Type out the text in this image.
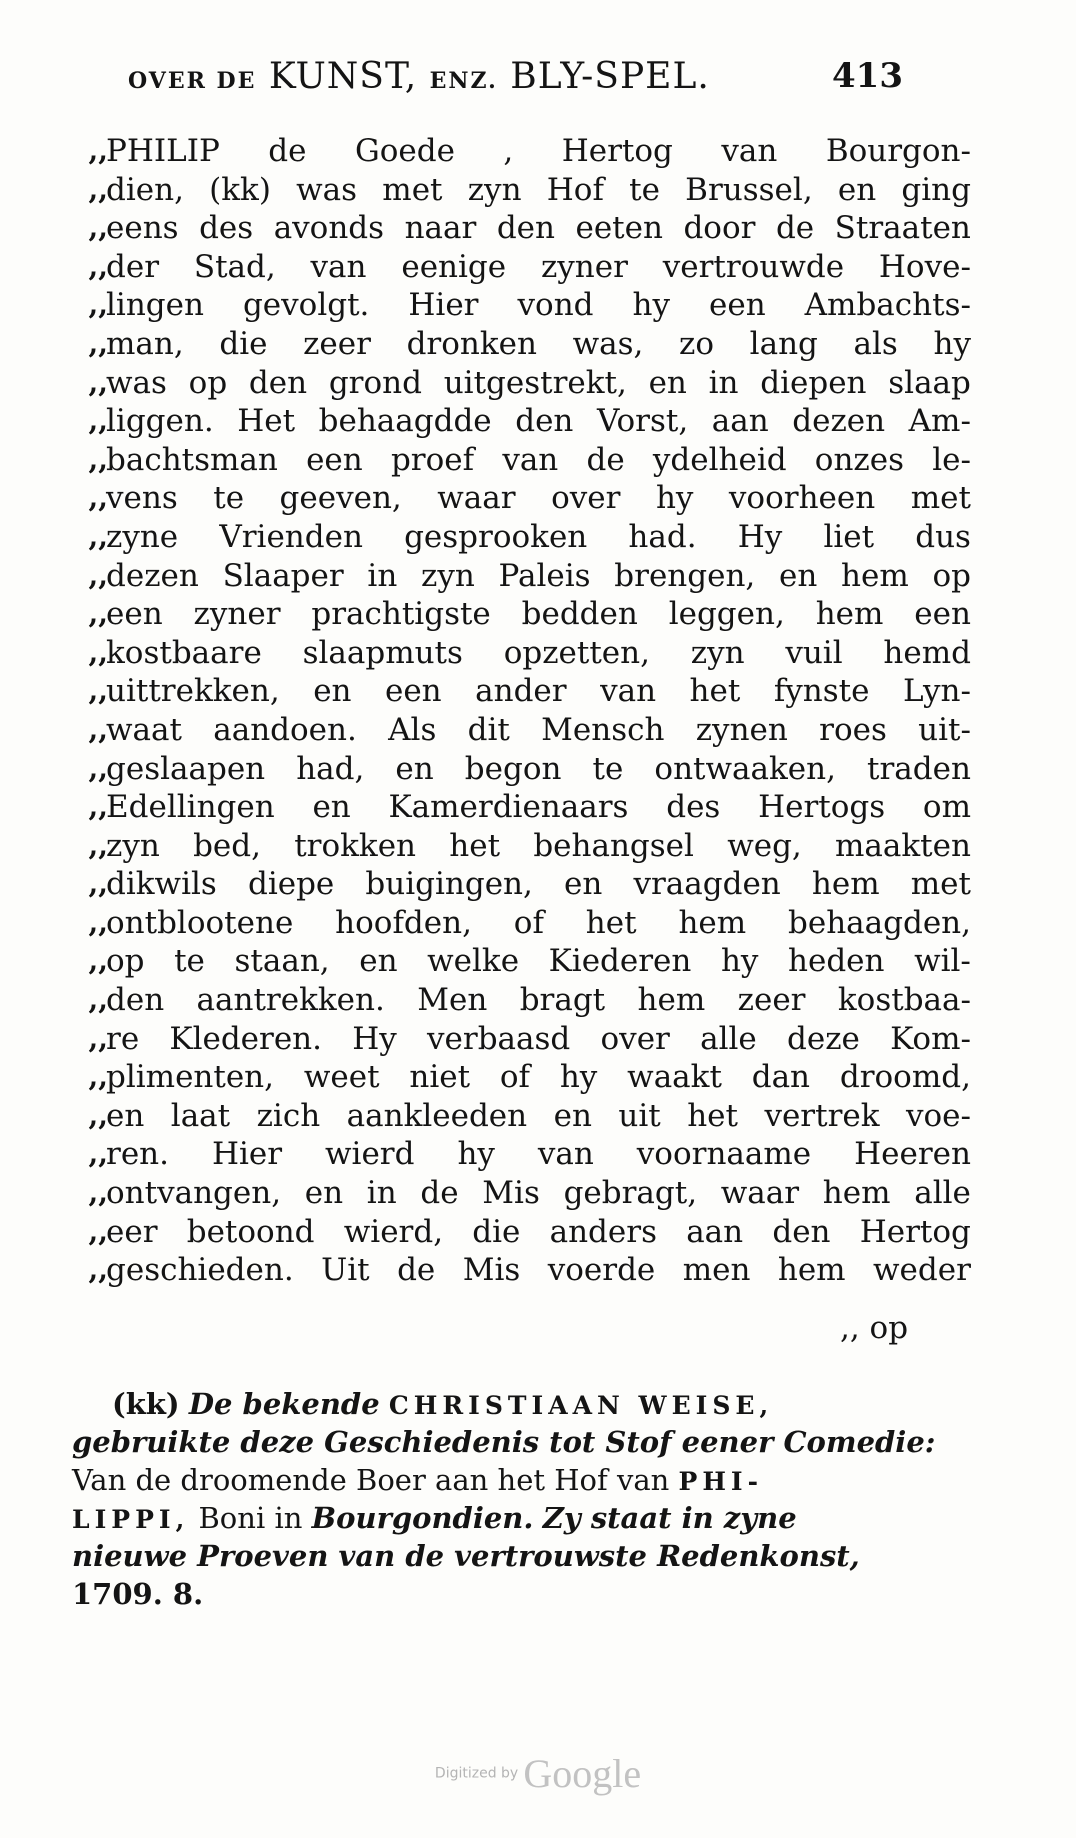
OVER DE KUNST, ENZ. BLY-SPEL.	413
,,
PHILIP de Goede , Hertog van Bourgon-
,,
dien, (kk) was met zyn Hof te Brussel, en ging
,,
eens des avonds naar den eeten door de Straaten
,,
der Stad, van eenige zyner vertrouwde Hove-
,,
lingen gevolgt. Hier vond hy een Ambachts-
,,
man, die zeer dronken was, zo lang als hy
,,
was op den grond uitgestrekt, en in diepen slaap
,,
liggen. Het behaagdde den Vorst, aan dezen Am-
,,
bachtsman een proef van de ydelheid onzes le-
,,
vens te geeven, waar over hy voorheen met
,,
zyne Vrienden gesprooken had. Hy liet dus
,,
dezen Slaaper in zyn Paleis brengen, en hem op
,,
een zyner prachtigste bedden leggen, hem een
,,
kostbaare slaapmuts opzetten, zyn vuil hemd
,,
uittrekken, en een ander van het fynste Lyn-
,,
waat aandoen. Als dit Mensch zynen roes uit-
,,
geslaapen had, en begon te ontwaaken, traden
,,
Edellingen en Kamerdienaars des Hertogs om
,,
zyn bed, trokken het behangsel weg, maakten
,,
dikwils diepe buigingen, en vraagden hem met
,,
ontblootene hoofden, of het hem behaagden,
,,
op te staan, en welke Kiederen hy heden wil-
,,
den aantrekken. Men bragt hem zeer kostbaa-
,,
re Klederen. Hy verbaasd over alle deze Kom-
,,
plimenten, weet niet of hy waakt dan droomd,
,,
en laat zich aankleeden en uit het vertrek voe-
,,
ren. Hier wierd hy van voornaame Heeren
,,
ontvangen, en in de Mis gebragt, waar hem alle
,,
eer betoond wierd, die anders aan den Hertog
,,
geschieden. Uit de Mis voerde men hem weder
,, op
(kk) De bekende CHRISTIAAN WEISE,
gebruikte deze Geschiedenis tot Stof eener Comedie:
Van de droomende Boer aan het Hof van PHI-
LIPPI, Boni in Bourgondien. Zy staat in zyne
nieuwe Proeven van de vertrouwste Redenkonst,
1709. 8.
Digitized by Google
